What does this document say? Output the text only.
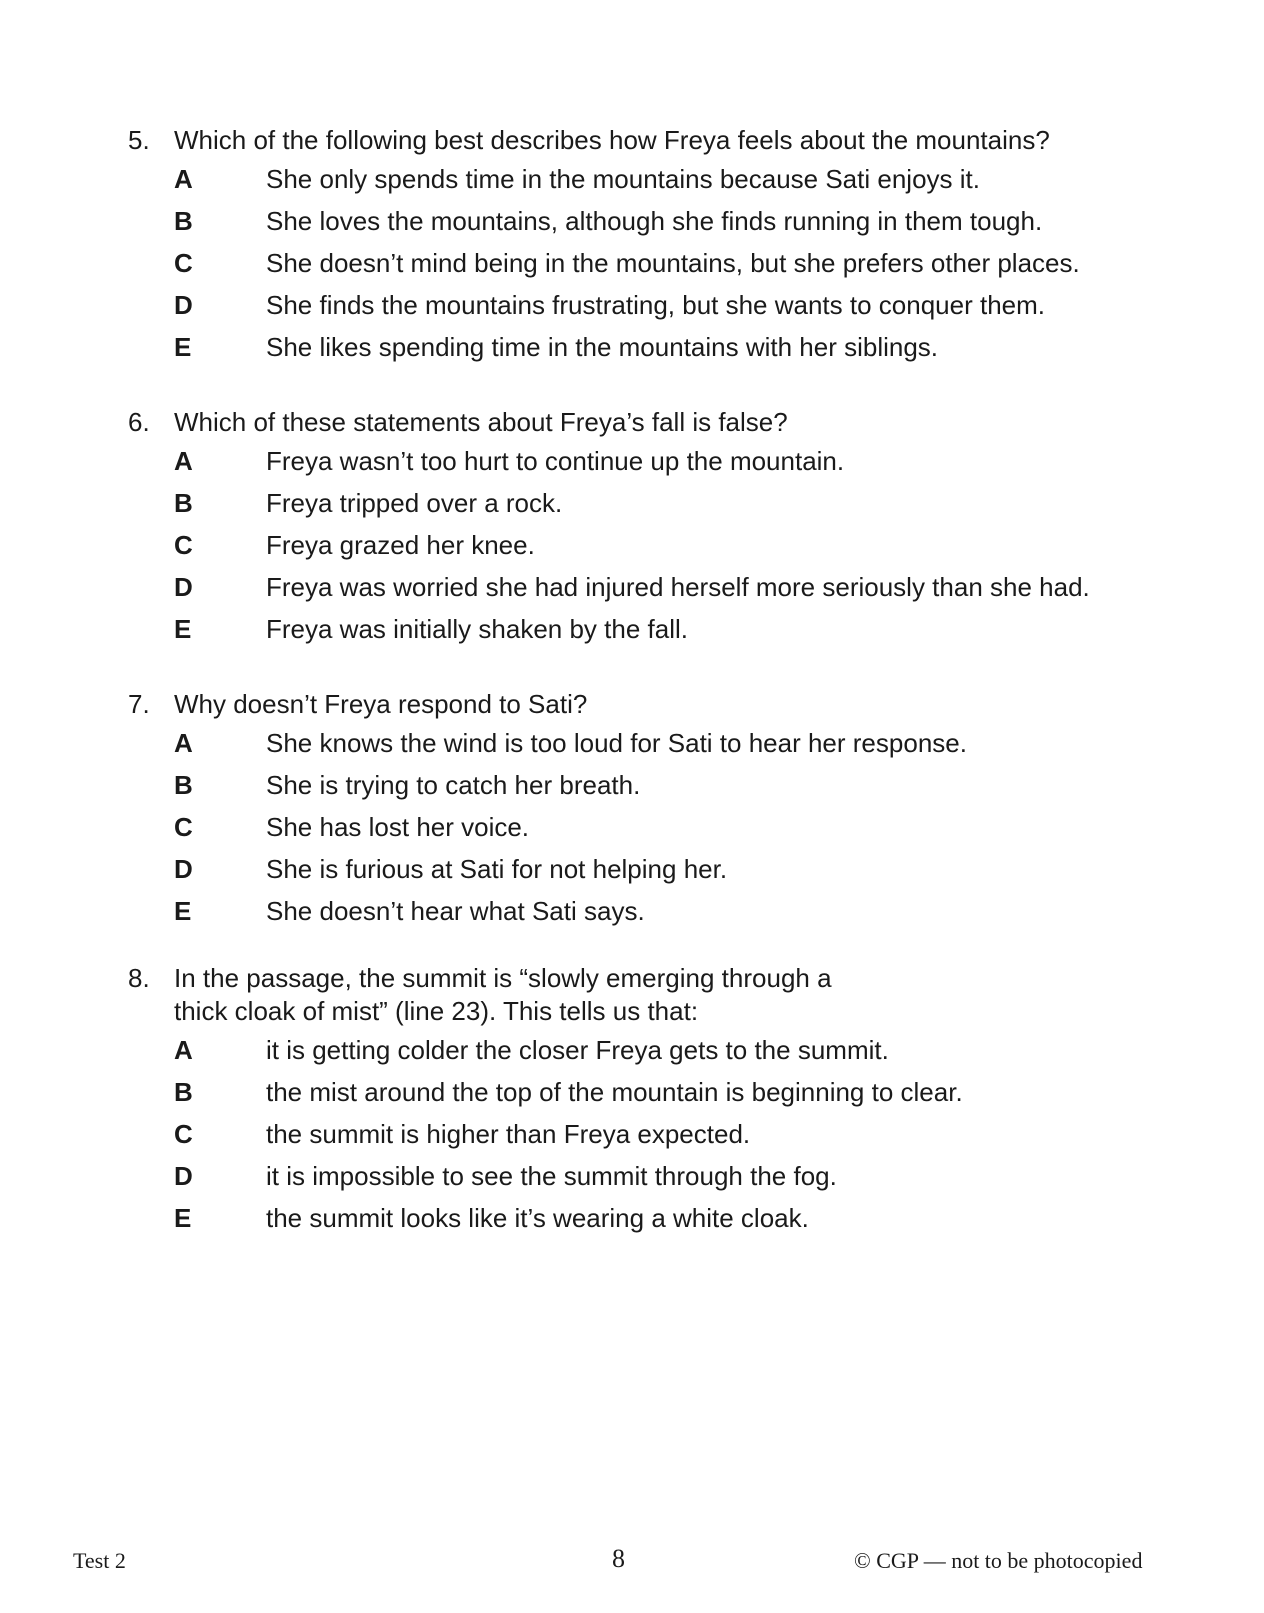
5. Which of the following best describes how Freya feels about the mountains?
A	She only spends time in the mountains because Sati enjoys it.
B	She loves the mountains, although she finds running in them tough.
C	She doesn’t mind being in the mountains, but she prefers other places.
D	She finds the mountains frustrating, but she wants to conquer them.
E	She likes spending time in the mountains with her siblings.
6. Which of these statements about Freya’s fall is false?
A	Freya wasn’t too hurt to continue up the mountain.
B	Freya tripped over a rock.
C	Freya grazed her knee.
D	Freya was worried she had injured herself more seriously than she had.
E	Freya was initially shaken by the fall.
7. Why doesn’t Freya respond to Sati?
A	She knows the wind is too loud for Sati to hear her response.
B	She is trying to catch her breath.
C	She has lost her voice.
D	She is furious at Sati for not helping her.
E	She doesn’t hear what Sati says.
8. In the passage, the summit is “slowly emerging through a
thick cloak of mist” (line 23). This tells us that:
A	it is getting colder the closer Freya gets to the summit.
B	the mist around the top of the mountain is beginning to clear.
C	the summit is higher than Freya expected.
D	it is impossible to see the summit through the fog.
E	the summit looks like it’s wearing a white cloak.
Test 2	8	© CGP — not to be photocopied
